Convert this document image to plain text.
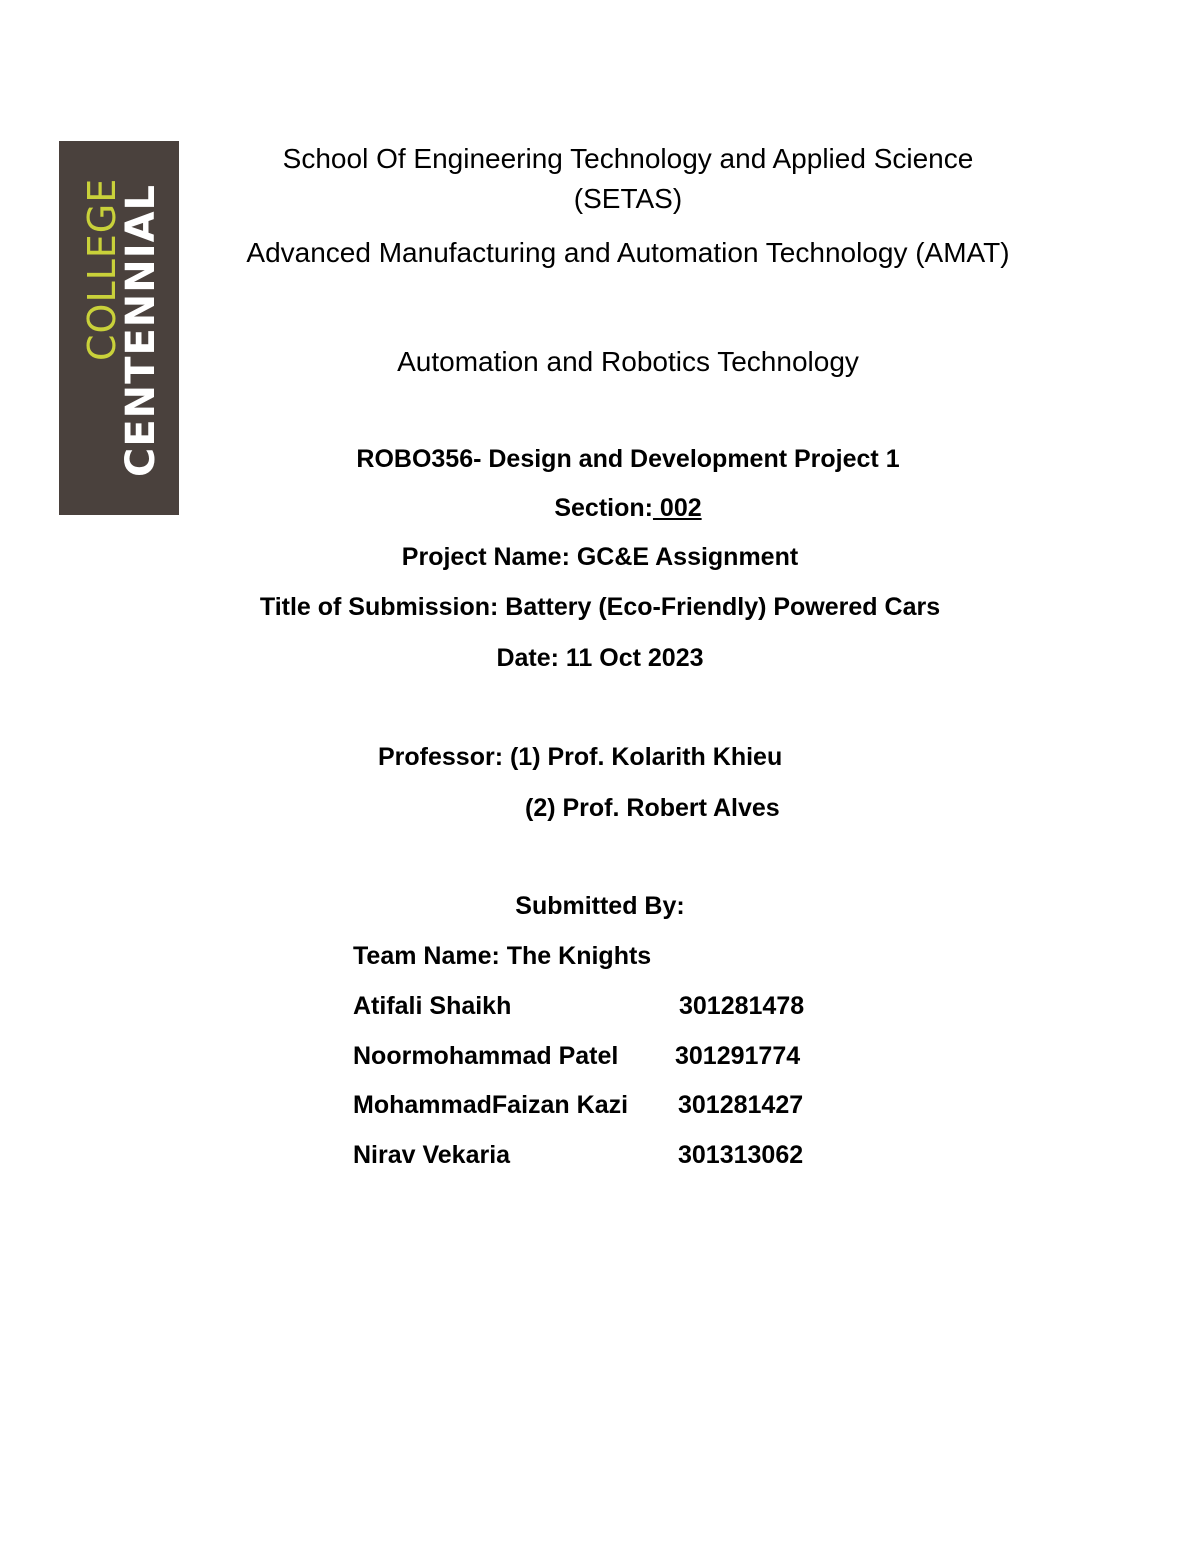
COLLEGE
CENTENNIAL
School Of Engineering Technology and Applied Science
(SETAS)
Advanced Manufacturing and Automation Technology (AMAT)
Automation and Robotics Technology
ROBO356- Design and Development Project 1
Section: 002
Project Name: GC&E Assignment
Title of Submission: Battery (Eco-Friendly) Powered Cars
Date: 11 Oct 2023
Professor: (1) Prof. Kolarith Khieu
(2) Prof. Robert Alves
Submitted By:
Team Name: The Knights
Atifali Shaikh	301281478
Noormohammad Patel 301291774
MohammadFaizan Kazi 301281427
Nirav Vekaria	301313062
